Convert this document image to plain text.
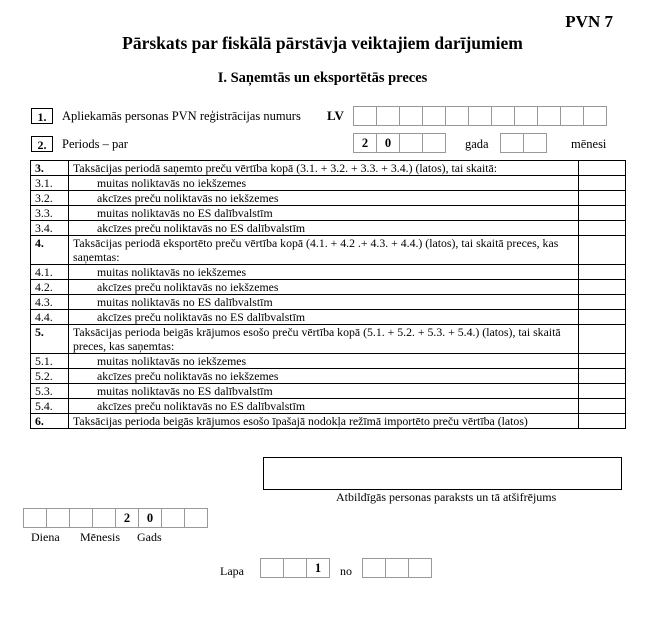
PVN 7
Pārskats par fiskālā pārstāvja veiktajiem darījumiem
I. Saņemtās un eksportētās preces
1.	Apliekamās personas PVN reģistrācijas numurs LV
2.	Periods – par	2	0	gada	mēnesi
3.	Taksācijas periodā saņemto preču vērtība kopā (3.1. + 3.2. + 3.3. + 3.4.) (latos), tai skaitā:	
3.1.	muitas noliktavās no iekšzemes	
3.2.	akcīzes preču noliktavās no iekšzemes	
3.3.	muitas noliktavās no ES dalībvalstīm	
3.4.	akcīzes preču noliktavās no ES dalībvalstīm	
4.	Taksācijas periodā eksportēto preču vērtība kopā (4.1. + 4.2 .+ 4.3. + 4.4.) (latos), tai skaitā preces, kas saņemtas:	
4.1.	muitas noliktavās no iekšzemes	
4.2.	akcīzes preču noliktavās no iekšzemes	
4.3.	muitas noliktavās no ES dalībvalstīm	
4.4.	akcīzes preču noliktavās no ES dalībvalstīm	
5.	Taksācijas perioda beigās krājumos esošo preču vērtība kopā (5.1. + 5.2. + 5.3. + 5.4.) (latos), tai skaitā preces, kas saņemtas:	
5.1.	muitas noliktavās no iekšzemes	
5.2.	akcīzes preču noliktavās no iekšzemes	
5.3.	muitas noliktavās no ES dalībvalstīm	
5.4.	akcīzes preču noliktavās no ES dalībvalstīm	
6.	Taksācijas perioda beigās krājumos esošo īpašajā nodokļa režīmā importēto preču vērtība (latos)	
Atbildīgās personas paraksts un tā atšifrējums
2	0
Diena Mēnesis Gads
Lapa	1	no
